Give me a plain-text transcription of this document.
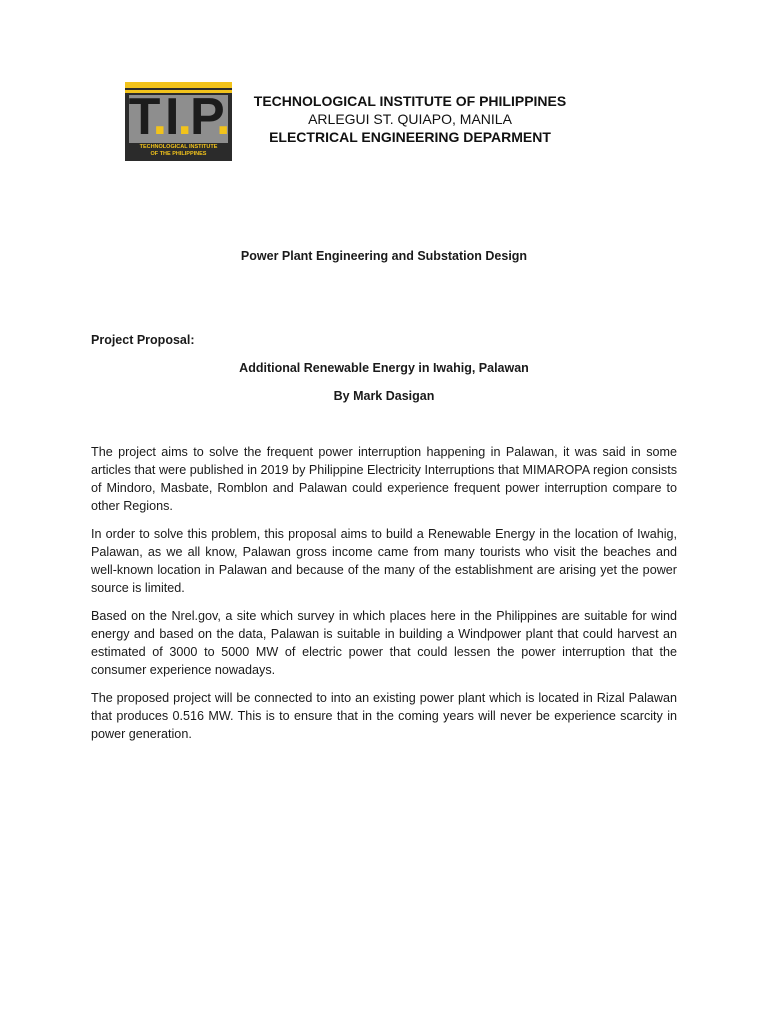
T.I.P.
TECHNOLOGICAL INSTITUTE
OF THE PHILIPPINES
TECHNOLOGICAL INSTITUTE OF PHILIPPINES
ARLEGUI ST. QUIAPO, MANILA
ELECTRICAL ENGINEERING DEPARMENT
Power Plant Engineering and Substation Design
Project Proposal:
Additional Renewable Energy in Iwahig, Palawan
By Mark Dasigan

The project aims to solve the frequent power interruption happening in Palawan, it was said in some articles that were published in 2019 by Philippine Electricity Interruptions that MIMAROPA region consists of Mindoro, Masbate, Romblon and Palawan could experience frequent power interruption compare to other Regions.

In order to solve this problem, this proposal aims to build a Renewable Energy in the location of Iwahig, Palawan, as we all know, Palawan gross income came from many tourists who visit the beaches and well-known location in Palawan and because of the many of the establishment are arising yet the power source is limited.

Based on the Nrel.gov, a site which survey in which places here in the Philippines are suitable for wind energy and based on the data, Palawan is suitable in building a Windpower plant that could harvest an estimated of 3000 to 5000 MW of electric power that could lessen the power interruption that the consumer experience nowadays.

The proposed project will be connected to into an existing power plant which is located in Rizal Palawan that produces 0.516 MW. This is to ensure that in the coming years will never be experience scarcity in power generation.
